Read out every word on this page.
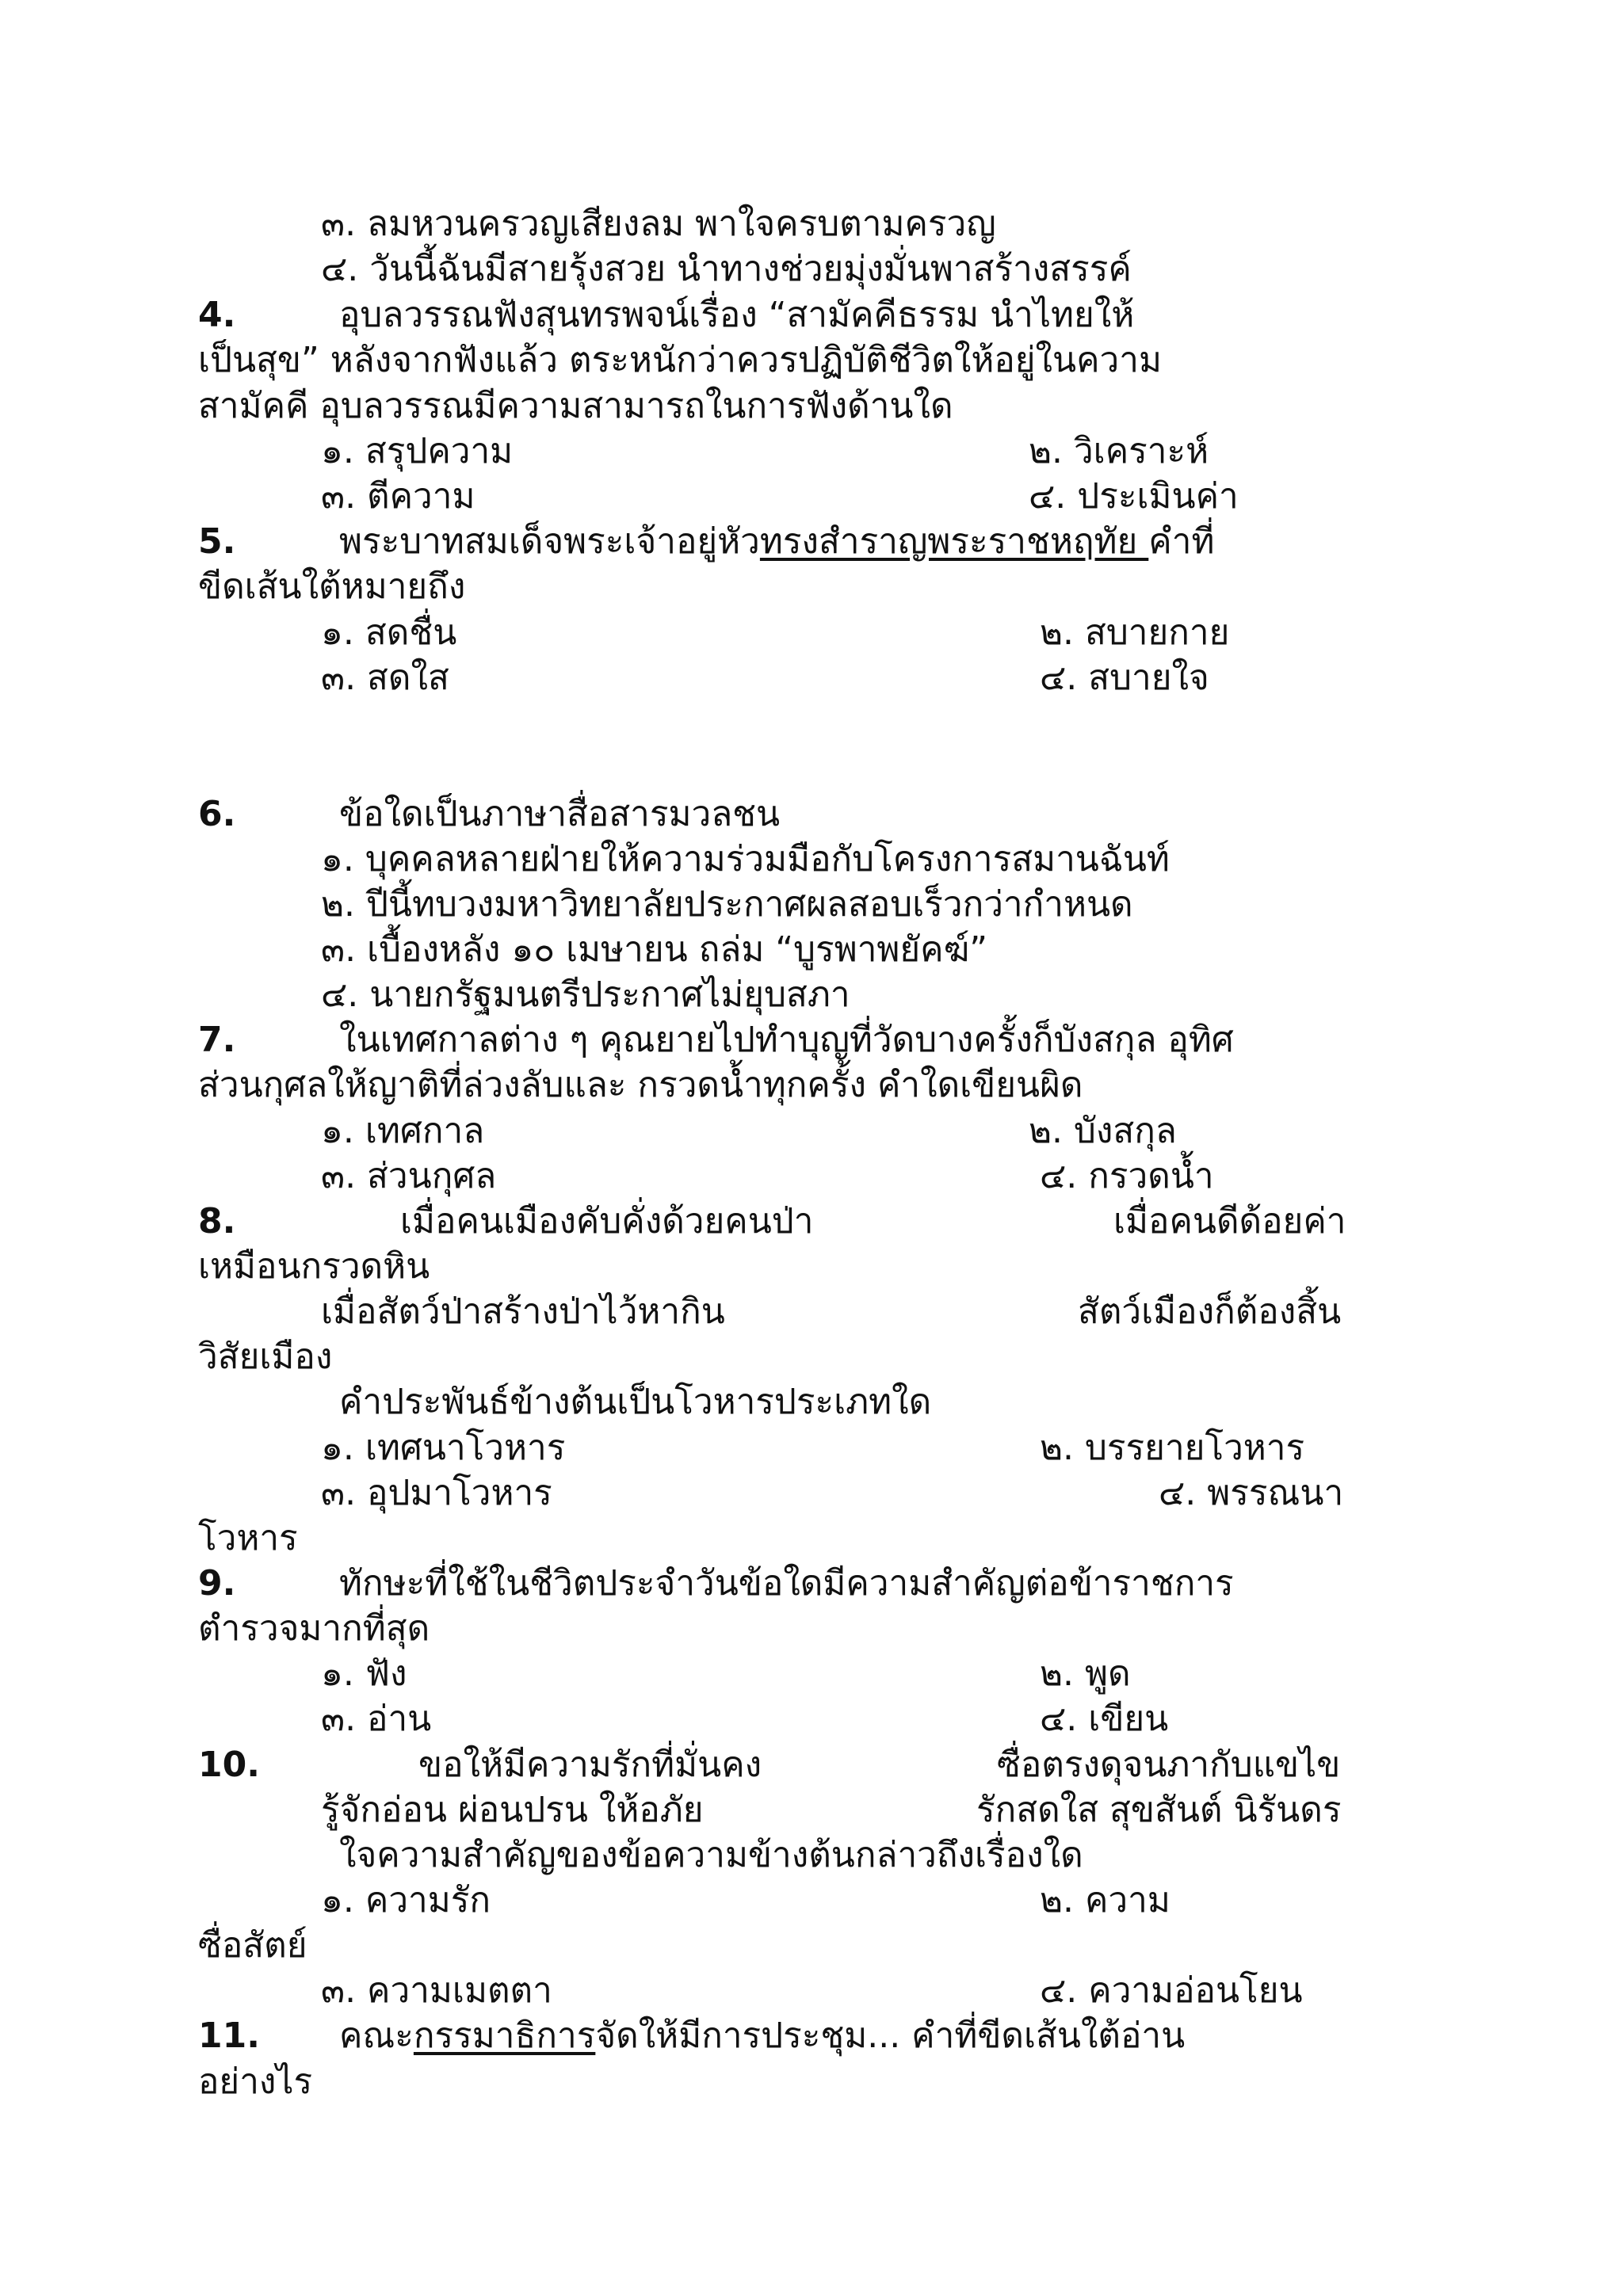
๓. ลมหวนครวญเสียงลม พาใจครบตามครวญ
๔. วันนี้ฉันมีสายรุ้งสวย นำทางช่วยมุ่งมั่นพาสร้างสรรค์
4.	อุบลวรรณฟังสุนทรพจน์เรื่อง “สามัคคีธรรม นำไทยให้
เป็นสุข” หลังจากฟังแล้ว ตระหนักว่าควรปฏิบัติชีวิตให้อยู่ในความ
สามัคคี อุบลวรรณมีความสามารถในการฟังด้านใด
๑. สรุปความ	๒. วิเคราะห์
๓. ตีความ	๔. ประเมินค่า
5.	พระบาทสมเด็จพระเจ้าอยู่หัวทรงสำราญพระราชหฤทัย คำที่
ขีดเส้นใต้หมายถึง
๑. สดชื่น	๒. สบายกาย
๓. สดใส	๔. สบายใจ
6.	ข้อใดเป็นภาษาสื่อสารมวลชน
๑. บุคคลหลายฝ่ายให้ความร่วมมือกับโครงการสมานฉันท์
๒. ปีนี้ทบวงมหาวิทยาลัยประกาศผลสอบเร็วกว่ากำหนด
๓. เบื้องหลัง ๑๐ เมษายน ถล่ม “บูรพาพยัคฆ์”
๔. นายกรัฐมนตรีประกาศไม่ยุบสภา
7.	ในเทศกาลต่าง ๆ คุณยายไปทำบุญที่วัดบางครั้งก็บังสกุล อุทิศ
ส่วนกุศลให้ญาติที่ล่วงลับและ กรวดน้ำทุกครั้ง คำใดเขียนผิด
๑. เทศกาล	๒. บังสกุล
๓. ส่วนกุศล	๔. กรวดน้ำ
8.	เมื่อคนเมืองคับคั่งด้วยคนป่า	เมื่อคนดีด้อยค่า
เหมือนกรวดหิน
เมื่อสัตว์ป่าสร้างป่าไว้หากิน	สัตว์เมืองก็ต้องสิ้น
วิสัยเมือง
คำประพันธ์ข้างต้นเป็นโวหารประเภทใด
๑. เทศนาโวหาร	๒. บรรยายโวหาร
๓. อุปมาโวหาร	๔. พรรณนา
โวหาร
9.	ทักษะที่ใช้ในชีวิตประจำวันข้อใดมีความสำคัญต่อข้าราชการ
ตำรวจมากที่สุด
๑. ฟัง	๒. พูด
๓. อ่าน	๔. เขียน
10.	ขอให้มีความรักที่มั่นคง	ซื่อตรงดุจนภากับแขไข
รู้จักอ่อน ผ่อนปรน ให้อภัย	รักสดใส สุขสันต์ นิรันดร
ใจความสำคัญของข้อความข้างต้นกล่าวถึงเรื่องใด
๑. ความรัก	๒. ความ
ซื่อสัตย์
๓. ความเมตตา	๔. ความอ่อนโยน
11. คณะกรรมาธิการจัดให้มีการประชุม... คำที่ขีดเส้นใต้อ่าน
อย่างไร
